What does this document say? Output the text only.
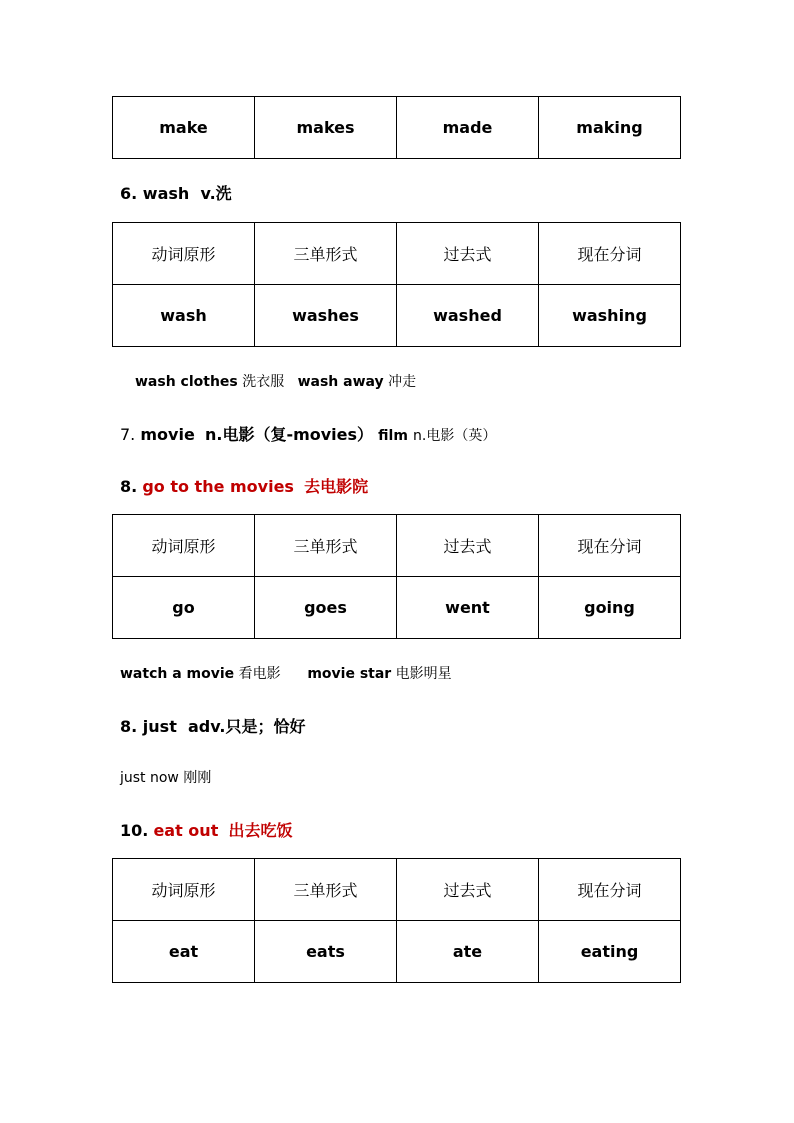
make	makes	made	making
6. wash v.洗
动词原形	三单形式	过去式	现在分词
wash	washes	washed	washing
wash clothes 洗衣服 wash away 冲走
7. movie n.电影（复-movies） film n.电影（英）
8. go to the movies 去电影院
动词原形	三单形式	过去式	现在分词
go	goes	went	going
watch a movie 看电影 movie star 电影明星
8. just adv.只是；恰好
just now 刚刚
10. eat out 出去吃饭
动词原形	三单形式	过去式	现在分词
eat	eats	ate	eating
